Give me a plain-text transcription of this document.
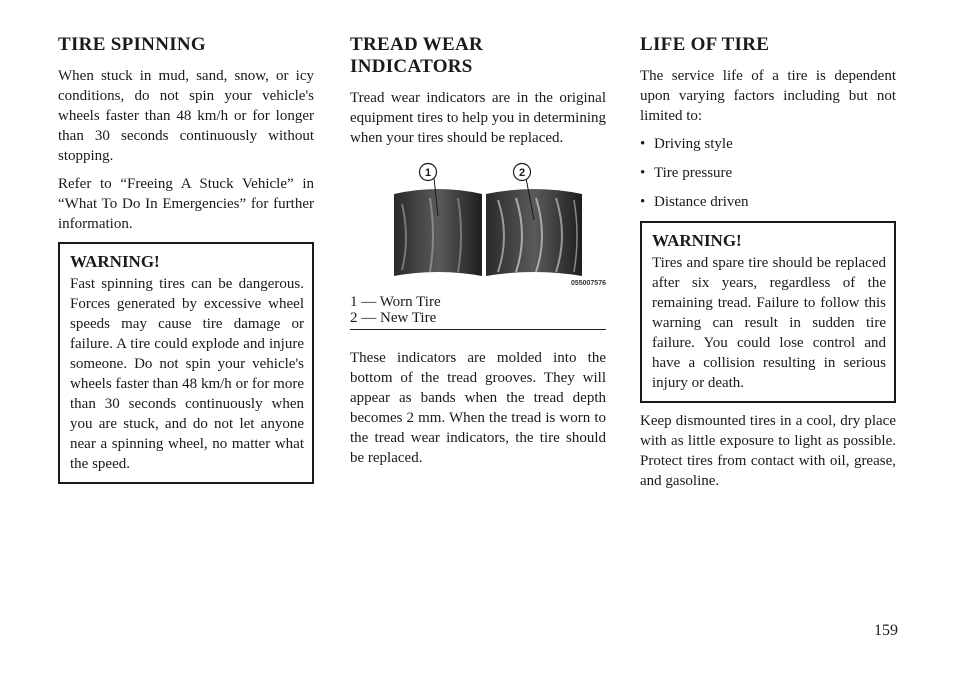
TIRE SPINNING

When stuck in mud, sand, snow, or icy conditions, do not spin your vehicle's wheels faster than 48 km/h or for longer than 30 seconds continuously without stopping.

Refer to “Freeing A Stuck Vehicle” in “What To Do In Emergencies” for further information.

WARNING!

Fast spinning tires can be dangerous. Forces generated by excessive wheel speeds may cause tire damage or failure. A tire could explode and injure someone. Do not spin your vehicle's wheels faster than 48 km/h or for more than 30 seconds continuously when you are stuck, and do not let anyone near a spinning wheel, no matter what the speed.

TREAD WEAR
INDICATORS

Tread wear indicators are in the original equipment tires to help you in determining when your tires should be replaced.

1	2
055007576
1 — Worn Tire
2 — New Tire

These indicators are molded into the bottom of the tread grooves. They will appear as bands when the tread depth becomes 2 mm. When the tread is worn to the tread wear indicators, the tire should be replaced.

LIFE OF TIRE

The service life of a tire is dependent upon varying factors including but not limited to:

• Driving style
• Tire pressure
• Distance driven
WARNING!

Tires and spare tire should be replaced after six years, regardless of the remaining tread. Failure to follow this warning can result in sudden tire failure. You could lose control and have a collision resulting in serious injury or death.

Keep dismounted tires in a cool, dry place with as little exposure to light as possible. Protect tires from contact with oil, grease, and gasoline.

159
